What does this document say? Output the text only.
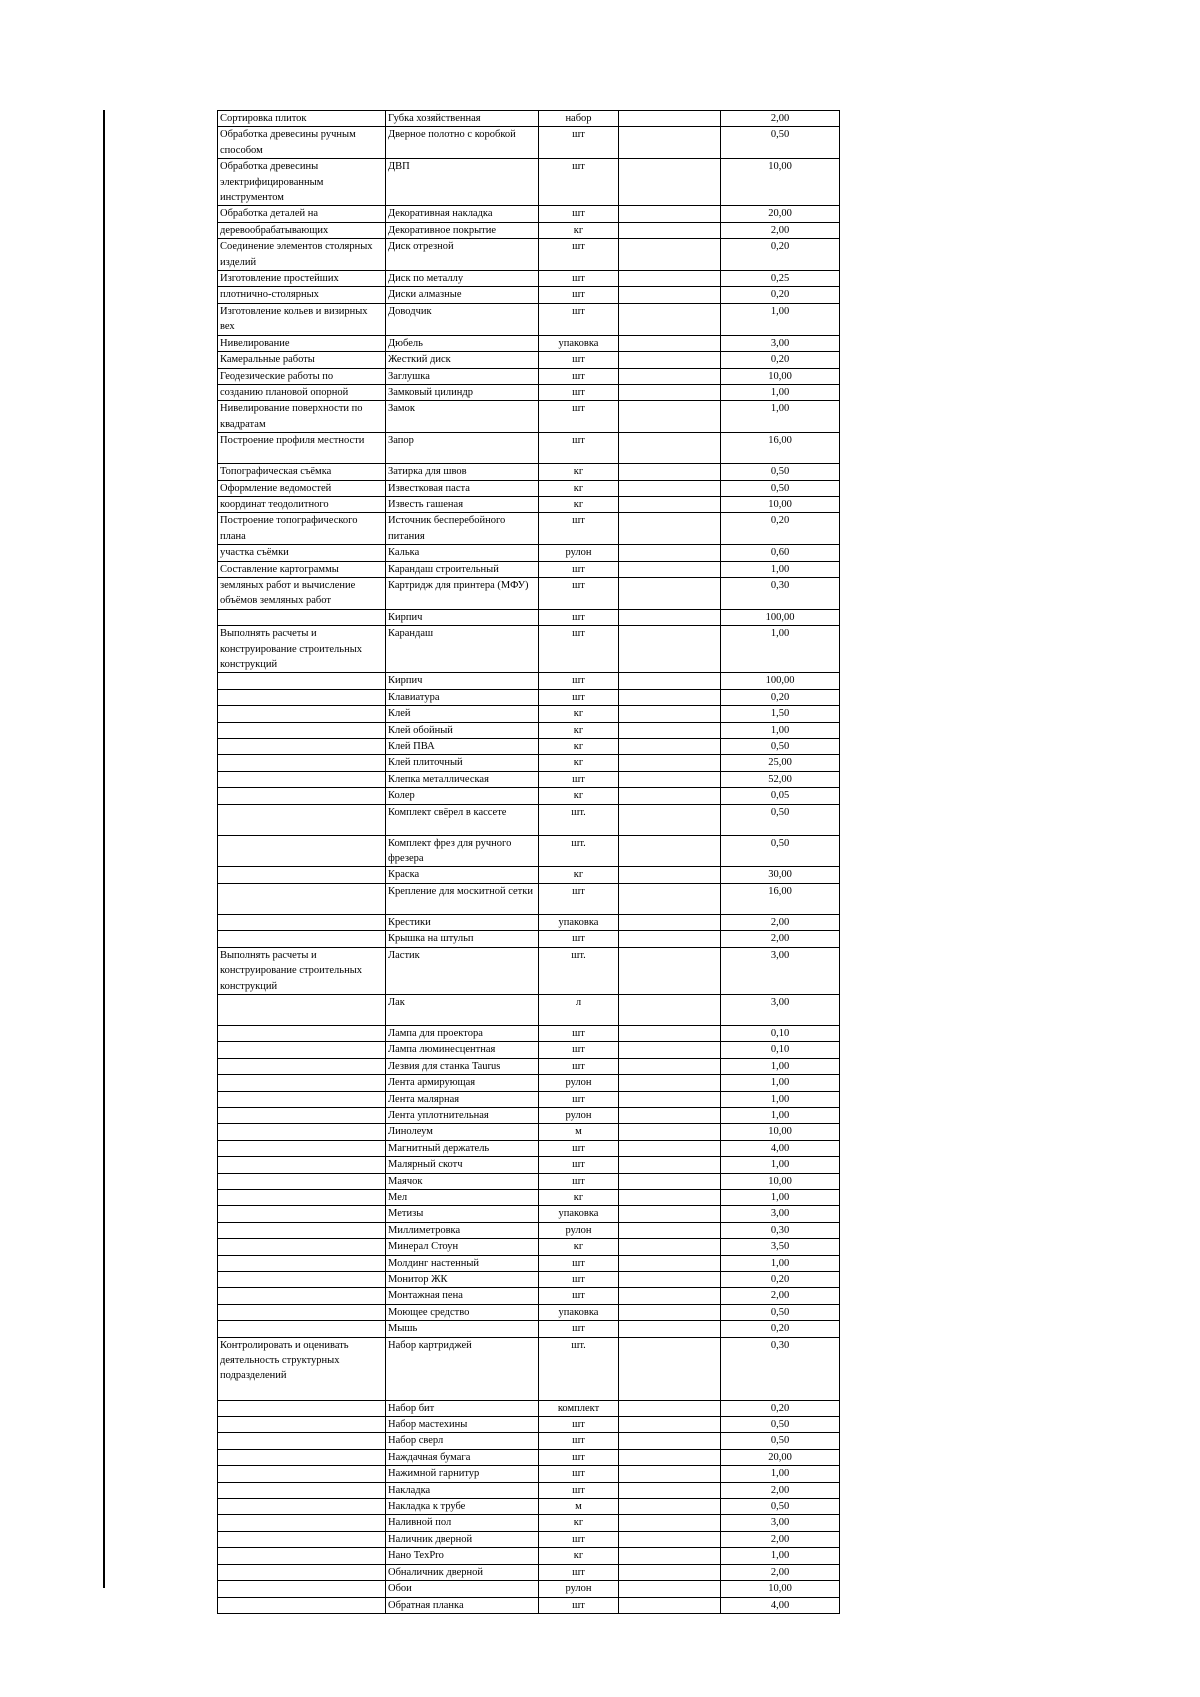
Сортировка плиток	Губка хозяйственная	набор		2,00
Обработка древесины ручным способом	Дверное полотно с коробкой	шт		0,50
Обработка древесины электрифицированным инструментом	ДВП	шт		10,00
Обработка деталей на	Декоративная накладка	шт		20,00
деревообрабатывающих	Декоративное покрытие	кг		2,00
Соединение элементов столярных изделий	Диск отрезной	шт		0,20
Изготовление простейших	Диск по металлу	шт		0,25
плотнично-столярных	Диски алмазные	шт		0,20
Изготовление кольев и визирных вех	Доводчик	шт		1,00
Нивелирование	Дюбель	упаковка		3,00
Камеральные работы	Жесткий диск	шт		0,20
Геодезические работы по	Заглушка	шт		10,00
созданию плановой опорной	Замковый цилиндр	шт		1,00
Нивелирование поверхности по квадратам	Замок	шт		1,00
Построение профиля местности	Запор	шт		16,00
Топографическая съёмка	Затирка для швов	кг		0,50
Оформление ведомостей	Известковая паста	кг		0,50
координат теодолитного	Известь гашеная	кг		10,00
Построение топографического плана	Источник бесперебойного питания	шт		0,20
участка съёмки	Калька	рулон		0,60
Составление картограммы	Карандаш строительный	шт		1,00
земляных работ и вычисление объёмов земляных работ	Картридж для принтера (МФУ)	шт		0,30
	Кирпич	шт		100,00
Выполнять расчеты и конструирование строительных конструкций	Карандаш	шт		1,00
	Кирпич	шт		100,00
	Клавиатура	шт		0,20
	Клей	кг		1,50
	Клей обойный	кг		1,00
	Клей ПВА	кг		0,50
	Клей плиточный	кг		25,00
	Клепка металлическая	шт		52,00
	Колер	кг		0,05
	Комплект свёрел в кассете	шт.		0,50
	Комплект фрез для ручного фрезера	шт.		0,50
	Краска	кг		30,00
	Крепление для москитной сетки	шт		16,00
	Крестики	упаковка		2,00
	Крышка на штульп	шт		2,00
Выполнять расчеты и конструирование строительных конструкций	Ластик	шт.		3,00
	Лак	л		3,00
	Лампа для проектора	шт		0,10
	Лампа люминесцентная	шт		0,10
	Лезвия для станка Taurus	шт		1,00
	Лента армирующая	рулон		1,00
	Лента малярная	шт		1,00
	Лента уплотнительная	рулон		1,00
	Линолеум	м		10,00
	Магнитный держатель	шт		4,00
	Малярный скотч	шт		1,00
	Маячок	шт		10,00
	Мел	кг		1,00
	Метизы	упаковка		3,00
	Миллиметровка	рулон		0,30
	Минерал Стоун	кг		3,50
	Молдинг настенный	шт		1,00
	Монитор ЖК	шт		0,20
	Монтажная пена	шт		2,00
	Моющее средство	упаковка		0,50
	Мышь	шт		0,20
Контролировать и оценивать деятельность структурных подразделений	Набор картриджей	шт.		0,30
	Набор бит	комплект		0,20
	Набор мастехины	шт		0,50
	Набор сверл	шт		0,50
	Наждачная бумага	шт		20,00
	Нажимной гарнитур	шт		1,00
	Накладка	шт		2,00
	Накладка к трубе	м		0,50
	Наливной пол	кг		3,00
	Наличник дверной	шт		2,00
	Нано TexPro	кг		1,00
	Обналичник дверной	шт		2,00
	Обои	рулон		10,00
	Обратная планка	шт		4,00
